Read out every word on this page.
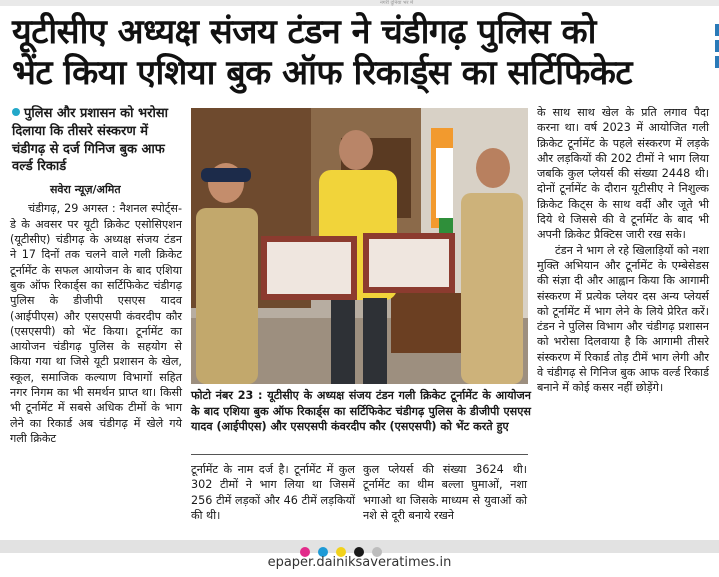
नगरी दुनिया भर में
यूटीसीए अध्यक्ष संजय टंडन ने चंडीगढ़ पुलिस को
भेंट किया एशिया बुक ऑफ रिकार्ड्स का सर्टिफिकेट
पुलिस और प्रशासन को भरोसा दिलाया कि तीसरे संस्करण में चंडीगढ़ से दर्ज गिनिज बुक आफ वर्ल्ड रिकार्ड
सवेरा न्यूज़/अमित

चंडीगढ़, 29 अगस्त : नैशनल स्पोर्ट्स-डे के अवसर पर यूटी क्रिकेट एसोसिएशन (यूटीसीए) चंडीगढ़ के अध्यक्ष संजय टंडन ने 17 दिनों तक चलने वाले गली क्रिकेट टूर्नामेंट के सफल आयोजन के बाद एशिया बुक ऑफ रिकार्ड्स का सर्टिफिकेट चंडीगढ़ पुलिस के डीजीपी एसएस यादव (आईपीएस) और एसएसपी कंवरदीप कौर (एसएसपी) को भेंट किया। टूर्नामेंट का आयोजन चंडीगढ़ पुलिस के सहयोग से किया गया था जिसे यूटी प्रशासन के खेल, स्कूल, समाजिक कल्याण विभागों सहित नगर निगम का भी समर्थन प्राप्त था। किसी भी टूर्नामेंट में सबसे अधिक टीमों के भाग लेने का रिकार्ड अब चंडीगढ़ में खेले गये गली क्रिकेट

फोटो नंबर 23 : यूटीसीए के अध्यक्ष संजय टंडन गली क्रिकेट टूर्नामेंट के आयोजन के बाद एशिया बुक ऑफ रिकार्ड्स का सर्टिफिकेट चंडीगढ़ पुलिस के डीजीपी एसएस यादव (आईपीएस) और एसएसपी कंवरदीप कौर (एसएसपी) को भेंट करते हुए

टूर्नामेंट के नाम दर्ज है। टूर्नामेंट में कुल 302 टीमों ने भाग लिया था जिसमें 256 टीमें लड़कों और 46 टीमें लड़कियों की थी।

कुल प्लेयर्स की संख्या 3624 थी। टूर्नामेंट का थीम बल्ला घुमाओं, नशा भगाओ था जिसके माध्यम से युवाओं को नशे से दूरी बनाये रखने

के साथ साथ खेल के प्रति लगाव पैदा करना था। वर्ष 2023 में आयोजित गली क्रिकेट टूर्नामेंट के पहले संस्करण में लड़के और लड़कियों की 202 टीमों ने भाग लिया जबकि कुल प्लेयर्स की संख्या 2448 थी। दोनों टूर्नामेंट के दौरान यूटीसीए ने निशुल्क क्रिकेट किट्स के साथ वर्दी और जूते भी दिये थे जिससे की वे टूर्नामेंट के बाद भी अपनी क्रिकेट प्रैक्टिस जारी रख सके।

टंडन ने भाग ले रहे खिलाड़ियों को नशा मुक्ति अभियान और टूर्नामेंट के एम्बेसेडस की संज्ञा दी और आह्वान किया कि आगामी संस्करण में प्रत्येक प्लेयर दस अन्य प्लेयर्स को टूर्नामेंट में भाग लेने के लिये प्रेरित करें। टंडन ने पुलिस विभाग और चंडीगढ़ प्रशासन को भरोसा दिलवाया है कि आगामी तीसरे संस्करण में रिकार्ड तोड़ टीमें भाग लेगी और वे चंडीगढ़ से गिनिज बुक आफ वर्ल्ड रिकार्ड बनाने में कोई कसर नहीं छोड़ेंगे।

epaper.dainiksaveratimes.in
